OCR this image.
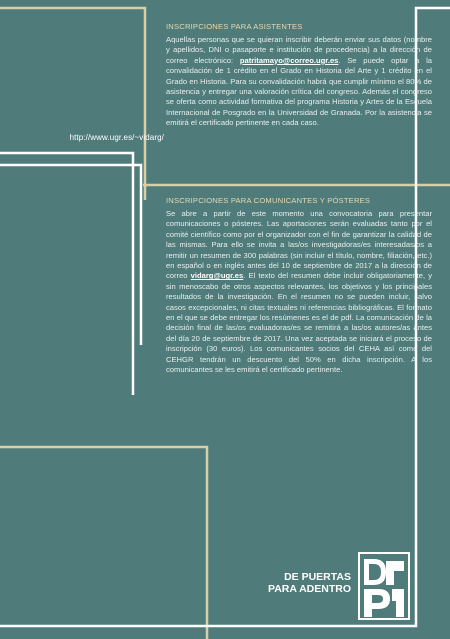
http://www.ugr.es/~vidarg/
INSCRIPCIONES PARA ASISTENTES

Aquellas personas que se quieran inscribir deberán enviar sus datos (nombre y apellidos, DNI o pasaporte e institución de procedencia) a la dirección de correo electrónico: patritamayo@correo.ugr.es. Se puede optar a la convalidación de 1 crédito en el Grado en Historia del Arte y 1 crédito en el Grado en Historia. Para su convalidación habrá que cumplir mínimo el 80% de asistencia y entregar una valoración crítica del congreso. Además el congreso se oferta como actividad formativa del programa Historia y Artes de la Escuela Internacional de Posgrado en la Universidad de Granada. Por la asistencia se emitirá el certificado pertinente en cada caso.

INSCRIPCIONES PARA COMUNICANTES Y PÓSTERES

Se abre a partir de este momento una convocatoria para presentar comunicaciones o pósteres. Las aportaciones serán evaluadas tanto por el comité científico como por el organizador con el fin de garantizar la calidad de las mismas. Para ello se invita a las/os investigadoras/es interesadas/os a remitir un resumen de 300 palabras (sin incluir el título, nombre, filiación, etc.) en español o en inglés antes del 10 de septiembre de 2017 a la dirección de correo vidarg@ugr.es. El texto del resumen debe incluir obligatoriamente, y sin menoscabo de otros aspectos relevantes, los objetivos y los principales resultados de la investigación. En el resumen no se pueden incluir, salvo casos excepcionales, ni citas textuales ni referencias bibliográficas. El formato en el que se debe entregar los resúmenes es el de pdf. La comunicación de la decisión final de las/os evaluadoras/es se remitirá a las/os autores/as antes del día 20 de septiembre de 2017. Una vez aceptada se iniciará el proceso de inscripción (30 euros). Los comunicantes socios del CEHA así como del CEHGR tendrán un descuento del 50% en dicha inscripción. A los comunicantes se les emitirá el certificado pertinente.

DE PUERTAS
PARA ADENTRO
